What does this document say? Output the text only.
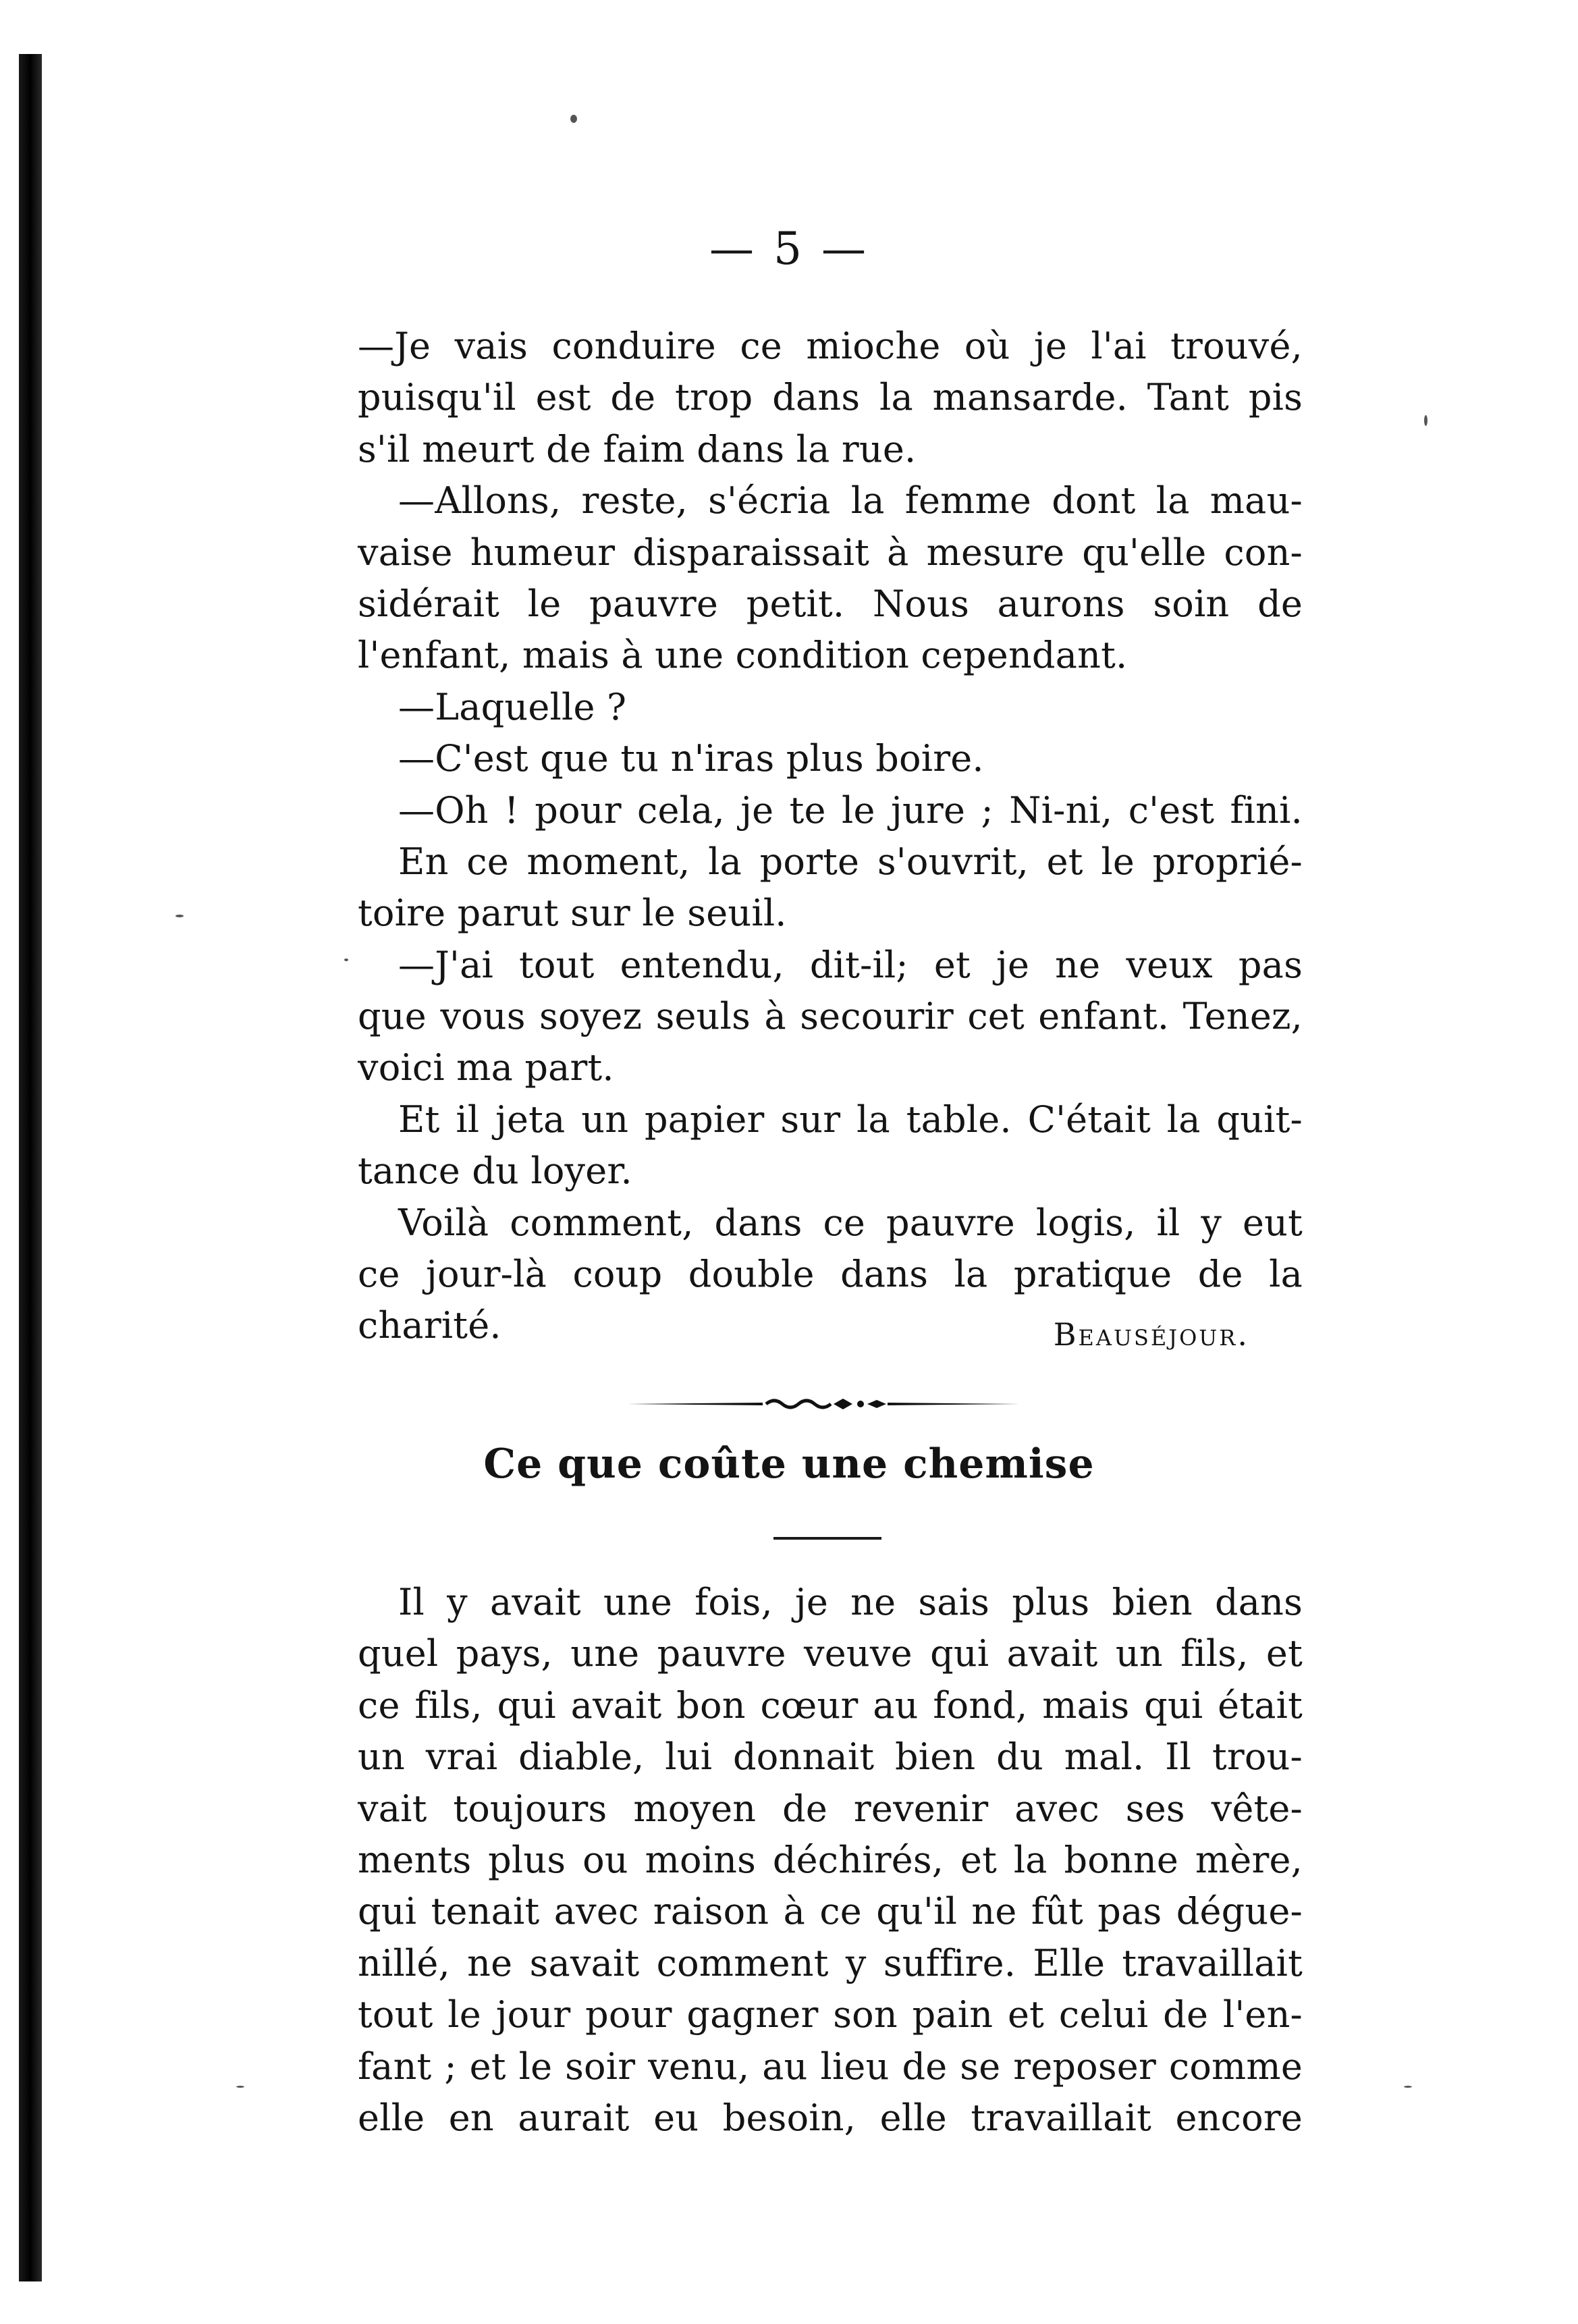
— 5 —
—Je vais conduire ce mioche où je l'ai trouvé,
puisqu'il est de trop dans la mansarde. Tant pis
s'il meurt de faim dans la rue.
—Allons, reste, s'écria la femme dont la mau-
vaise humeur disparaissait à mesure qu'elle con-
sidérait le pauvre petit. Nous aurons soin de
l'enfant, mais à une condition cependant.
—Laquelle ?
—C'est que tu n'iras plus boire.
—Oh ! pour cela, je te le jure ; Ni-ni, c'est fini.
En ce moment, la porte s'ouvrit, et le proprié-
toire parut sur le seuil.
—J'ai tout entendu, dit-il; et je ne veux pas
que vous soyez seuls à secourir cet enfant. Tenez,
voici ma part.
Et il jeta un papier sur la table. C'était la quit-
tance du loyer.
Voilà comment, dans ce pauvre logis, il y eut
ce jour-là coup double dans la pratique de la
charité.	Beauséjour.
Ce que coûte une chemise
Il y avait une fois, je ne sais plus bien dans
quel pays, une pauvre veuve qui avait un fils, et
ce fils, qui avait bon cœur au fond, mais qui était
un vrai diable, lui donnait bien du mal. Il trou-
vait toujours moyen de revenir avec ses vête-
ments plus ou moins déchirés, et la bonne mère,
qui tenait avec raison à ce qu'il ne fût pas dégue-
nillé, ne savait comment y suffire. Elle travaillait
tout le jour pour gagner son pain et celui de l'en-
fant ; et le soir venu, au lieu de se reposer comme
elle en aurait eu besoin, elle travaillait encore
